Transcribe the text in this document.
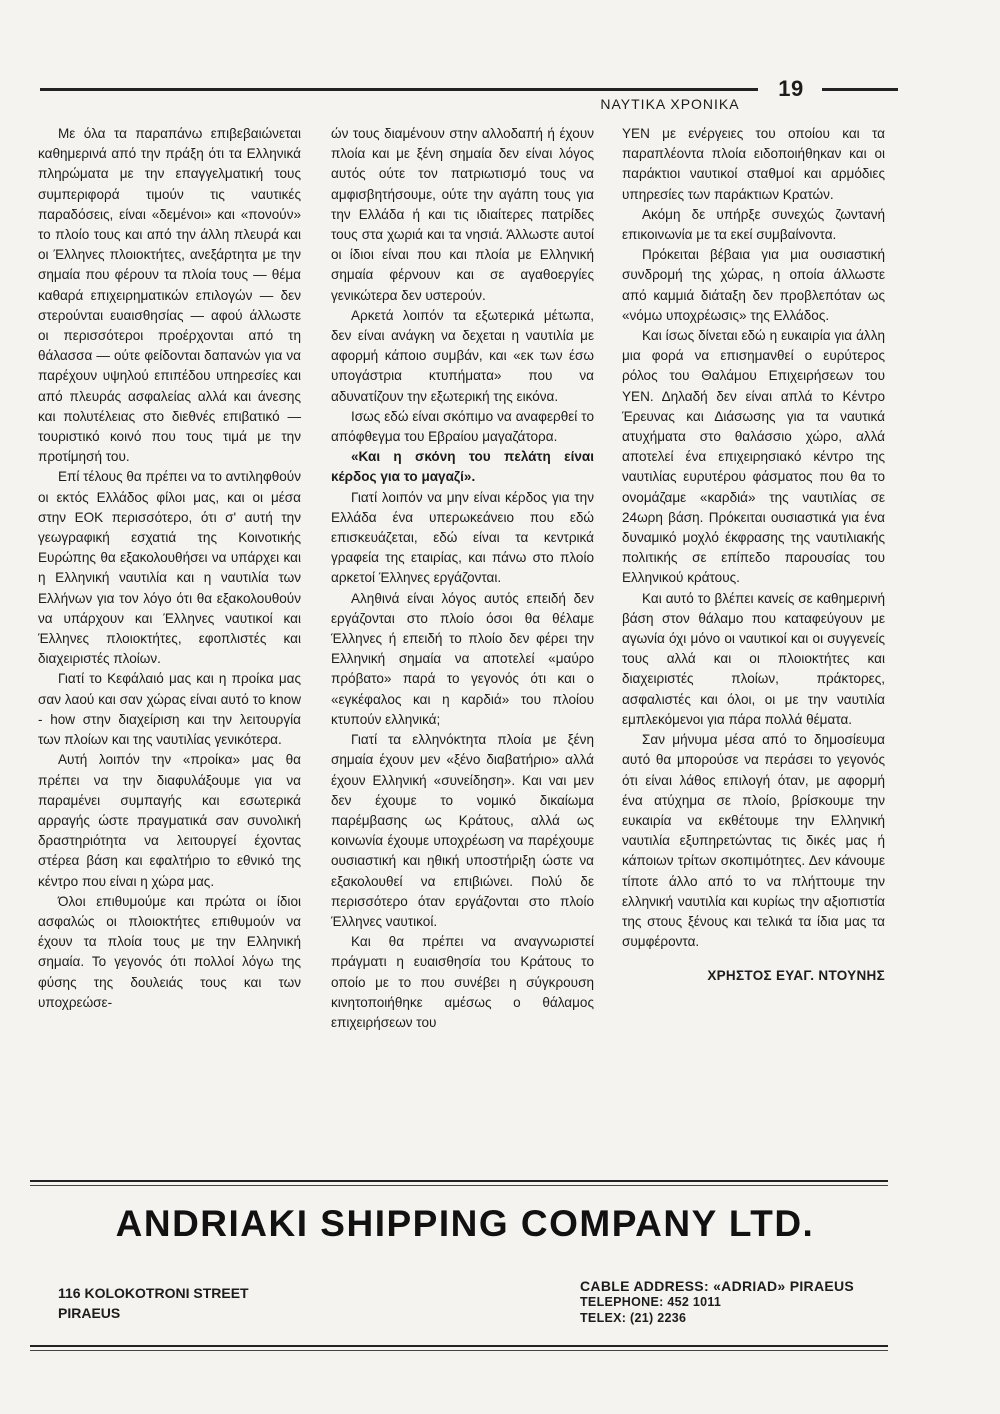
19
ΝΑΥΤΙΚΑ ΧΡΟΝΙΚΑ

Με όλα τα παραπάνω επιβεβαιώνεται καθημερινά από την πράξη ότι τα Ελληνικά πληρώματα με την επαγγελματική τους συμπεριφορά τιμούν τις ναυτικές παραδόσεις, είναι «δεμένοι» και «πονούν» το πλοίο τους και από την άλλη πλευρά και οι Έλληνες πλοιοκτήτες, ανεξάρτητα με την σημαία που φέρουν τα πλοία τους — θέμα καθαρά επιχειρηματικών επιλογών — δεν στερούνται ευαισθησίας — αφού άλλωστε οι περισσότεροι προέρχονται από τη θάλασσα — ούτε φείδονται δαπανών για να παρέχουν υψηλού επιπέδου υπηρεσίες και από πλευράς ασφαλείας αλλά και άνεσης και πολυτέλειας στο διεθνές επιβατικό — τουριστικό κοινό που τους τιμά με την προτίμησή του.

Επί τέλους θα πρέπει να το αντιληφθούν οι εκτός Ελλάδος φίλοι μας, και οι μέσα στην ΕΟΚ περισσότερο, ότι σ' αυτή την γεωγραφική εσχατιά της Κοινοτικής Ευρώπης θα εξακολουθήσει να υπάρχει και η Ελληνική ναυτιλία και η ναυτιλία των Ελλήνων για τον λόγο ότι θα εξακολουθούν να υπάρχουν και Έλληνες ναυτικοί και Έλληνες πλοιοκτήτες, εφοπλιστές και διαχειριστές πλοίων.

Γιατί το Κεφάλαιό μας και η προίκα μας σαν λαού και σαν χώρας είναι αυτό το know - how στην διαχείριση και την λειτουργία των πλοίων και της ναυτιλίας γενικότερα.

Αυτή λοιπόν την «προίκα» μας θα πρέπει να την διαφυλάξουμε για να παραμένει συμπαγής και εσωτερικά αρραγής ώστε πραγματικά σαν συνολική δραστηριότητα να λειτουργεί έχοντας στέρεα βάση και εφαλτήριο το εθνικό της κέντρο που είναι η χώρα μας.

Όλοι επιθυμούμε και πρώτα οι ίδιοι ασφαλώς οι πλοιοκτήτες επιθυμούν να έχουν τα πλοία τους με την Ελληνική σημαία. Το γεγονός ότι πολλοί λόγω της φύσης της δουλειάς τους και των υποχρεώσε-

ών τους διαμένουν στην αλλοδαπή ή έχουν πλοία και με ξένη σημαία δεν είναι λόγος αυτός ούτε τον πατριωτισμό τους να αμφισβητήσουμε, ούτε την αγάπη τους για την Ελλάδα ή και τις ιδιαίτερες πατρίδες τους στα χωριά και τα νησιά. Άλλωστε αυτοί οι ίδιοι είναι που και πλοία με Ελληνική σημαία φέρνουν και σε αγαθοεργίες γενικώτερα δεν υστερούν.

Αρκετά λοιπόν τα εξωτερικά μέτωπα, δεν είναι ανάγκη να δεχεται η ναυτιλία με αφορμή κάποιο συμβάν, και «εκ των έσω υπογάστρια κτυπήματα» που να αδυνατίζουν την εξωτερική της εικόνα.

Ισως εδώ είναι σκόπιμο να αναφερθεί το απόφθεγμα του Εβραίου μαγαζάτορα.

«Και η σκόνη του πελάτη είναι κέρδος για το μαγαζί».

Γιατί λοιπόν να μην είναι κέρδος για την Ελλάδα ένα υπερωκεάνειο που εδώ επισκευάζεται, εδώ είναι τα κεντρικά γραφεία της εταιρίας, και πάνω στο πλοίο αρκετοί Έλληνες εργάζονται.

Αληθινά είναι λόγος αυτός επειδή δεν εργάζονται στο πλοίο όσοι θα θέλαμε Έλληνες ή επειδή το πλοίο δεν φέρει την Ελληνική σημαία να αποτελεί «μαύρο πρόβατο» παρά το γεγονός ότι και ο «εγκέφαλος και η καρδιά» του πλοίου κτυπούν ελληνικά;

Γιατί τα ελληνόκτητα πλοία με ξένη σημαία έχουν μεν «ξένο διαβατήριο» αλλά έχουν Ελληνική «συνείδηση». Και ναι μεν δεν έχουμε το νομικό δικαίωμα παρέμβασης ως Κράτους, αλλά ως κοινωνία έχουμε υποχρέωση να παρέχουμε ουσιαστική και ηθική υποστήριξη ώστε να εξακολουθεί να επιβιώνει. Πολύ δε περισσότερο όταν εργάζονται στο πλοίο Έλληνες ναυτικοί.

Και θα πρέπει να αναγνωριστεί πράγματι η ευαισθησία του Κράτους το οποίο με το που συνέβει η σύγκρουση κινητοποιήθηκε αμέσως ο θάλαμος επιχειρήσεων του

ΥΕΝ με ενέργειες του οποίου και τα παραπλέοντα πλοία ειδοποιήθηκαν και οι παράκτιοι ναυτικοί σταθμοί και αρμόδιες υπηρεσίες των παράκτιων Κρατών.

Ακόμη δε υπήρξε συνεχώς ζωντανή επικοινωνία με τα εκεί συμβαίνοντα.

Πρόκειται βέβαια για μια ουσιαστική συνδρομή της χώρας, η οποία άλλωστε από καμμιά διάταξη δεν προβλεπόταν ως «νόμω υποχρέωσις» της Ελλάδος.

Και ίσως δίνεται εδώ η ευκαιρία για άλλη μια φορά να επισημανθεί ο ευρύτερος ρόλος του Θαλάμου Επιχειρήσεων του ΥΕΝ. Δηλαδή δεν είναι απλά το Κέντρο Έρευνας και Διάσωσης για τα ναυτικά ατυχήματα στο θαλάσσιο χώρο, αλλά αποτελεί ένα επιχειρησιακό κέντρο της ναυτιλίας ευρυτέρου φάσματος που θα το ονομάζαμε «καρδιά» της ναυτιλίας σε 24ωρη βάση. Πρόκειται ουσιαστικά για ένα δυναμικό μοχλό έκφρασης της ναυτιλιακής πολιτικής σε επίπεδο παρουσίας του Ελληνικού κράτους.

Και αυτό το βλέπει κανείς σε καθημερινή βάση στον θάλαμο που καταφεύγουν με αγωνία όχι μόνο οι ναυτικοί και οι συγγενείς τους αλλά και οι πλοιοκτήτες και διαχειριστές πλοίων, πράκτορες, ασφαλιστές και όλοι, οι με την ναυτιλία εμπλεκόμενοι για πάρα πολλά θέματα.

Σαν μήνυμα μέσα από το δημοσίευμα αυτό θα μπορούσε να περάσει το γεγονός ότι είναι λάθος επιλογή όταν, με αφορμή ένα ατύχημα σε πλοίο, βρίσκουμε την ευκαιρία να εκθέτουμε την Ελληνική ναυτιλία εξυπηρετώντας τις δικές μας ή κάποιων τρίτων σκοπιμότητες. Δεν κάνουμε τίποτε άλλο από το να πλήττουμε την ελληνική ναυτιλία και κυρίως την αξιοπιστία της στους ξένους και τελικά τα ίδια μας τα συμφέροντα.

ΧΡΗΣΤΟΣ ΕΥΑΓ. ΝΤΟΥΝΗΣ
ANDRIAKI SHIPPING COMPANY LTD.
116 KOLOKOTRONI STREET
PIRAEUS
CABLE ADDRESS: «ADRIAD» PIRAEUS
TELEPHONE: 452 1011
TELEX: (21) 2236
